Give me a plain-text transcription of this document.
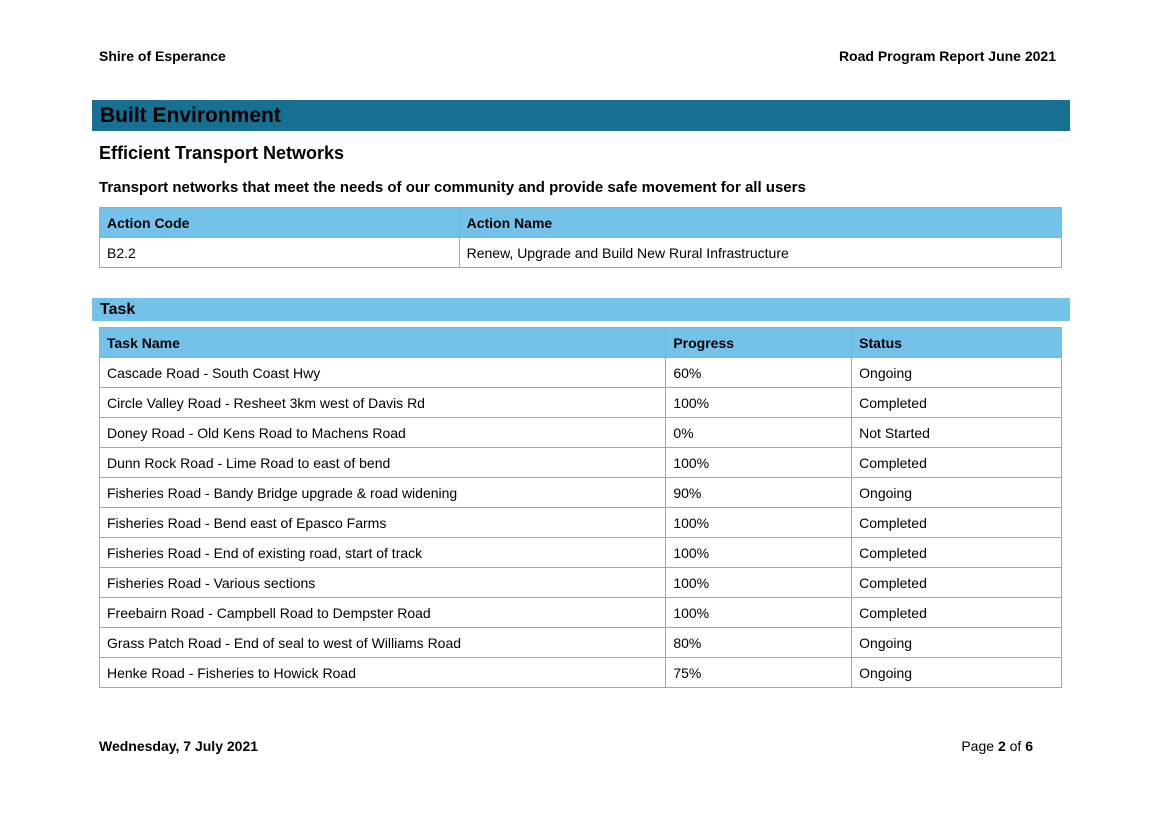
Shire of Esperance	Road Program Report June 2021
Built Environment
Efficient Transport Networks
Transport networks that meet the needs of our community and provide safe movement for all users
Action Code	Action Name
B2.2	Renew, Upgrade and Build New Rural Infrastructure
Task
Task Name	Progress	Status
Cascade Road - South Coast Hwy	60%	Ongoing
Circle Valley Road - Resheet 3km west of Davis Rd	100%	Completed
Doney Road - Old Kens Road to Machens Road	0%	Not Started
Dunn Rock Road - Lime Road to east of bend	100%	Completed
Fisheries Road - Bandy Bridge upgrade & road widening	90%	Ongoing
Fisheries Road - Bend east of Epasco Farms	100%	Completed
Fisheries Road - End of existing road, start of track	100%	Completed
Fisheries Road - Various sections	100%	Completed
Freebairn Road - Campbell Road to Dempster Road	100%	Completed
Grass Patch Road - End of seal to west of Williams Road	80%	Ongoing
Henke Road - Fisheries to Howick Road	75%	Ongoing
Wednesday, 7 July 2021	Page 2 of 6
